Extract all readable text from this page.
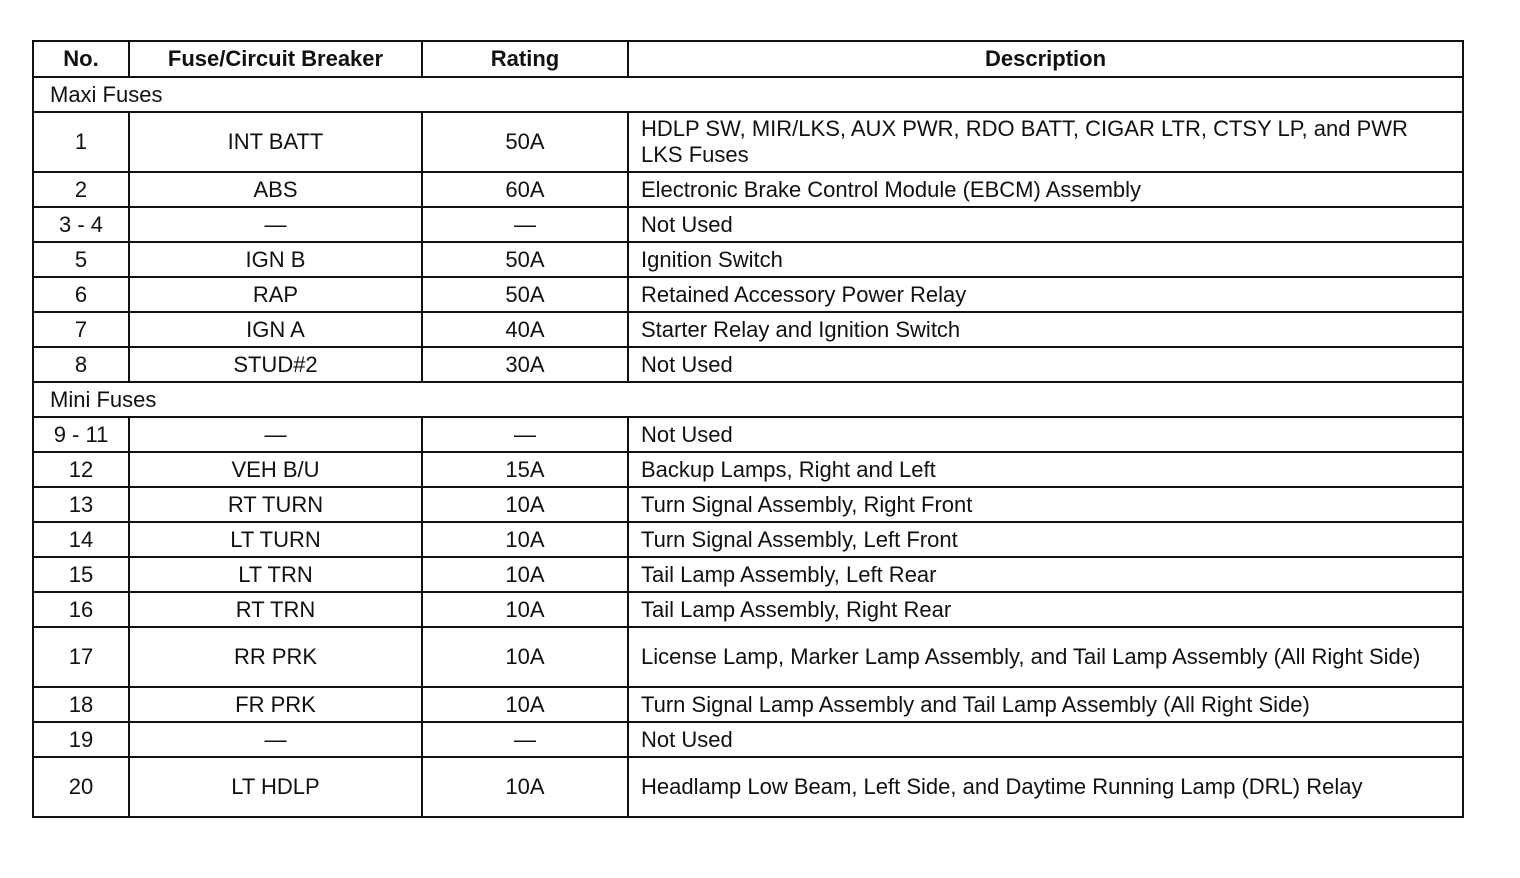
No.	Fuse/Circuit Breaker	Rating	Description
Maxi Fuses			
1	INT BATT	50A	HDLP SW, MIR/LKS, AUX PWR, RDO BATT, CIGAR LTR, CTSY LP, and PWR LKS Fuses
2	ABS	60A	Electronic Brake Control Module (EBCM) Assembly
3 - 4	—	—	Not Used
5	IGN B	50A	Ignition Switch
6	RAP	50A	Retained Accessory Power Relay
7	IGN A	40A	Starter Relay and Ignition Switch
8	STUD#2	30A	Not Used
Mini Fuses			
9 - 11	—	—	Not Used
12	VEH B/U	15A	Backup Lamps, Right and Left
13	RT TURN	10A	Turn Signal Assembly, Right Front
14	LT TURN	10A	Turn Signal Assembly, Left Front
15	LT TRN	10A	Tail Lamp Assembly, Left Rear
16	RT TRN	10A	Tail Lamp Assembly, Right Rear
17	RR PRK	10A	License Lamp, Marker Lamp Assembly, and Tail Lamp Assembly (All Right Side)
18	FR PRK	10A	Turn Signal Lamp Assembly and Tail Lamp Assembly (All Right Side)
19	—	—	Not Used
20	LT HDLP	10A	Headlamp Low Beam, Left Side, and Daytime Running Lamp (DRL) Relay
